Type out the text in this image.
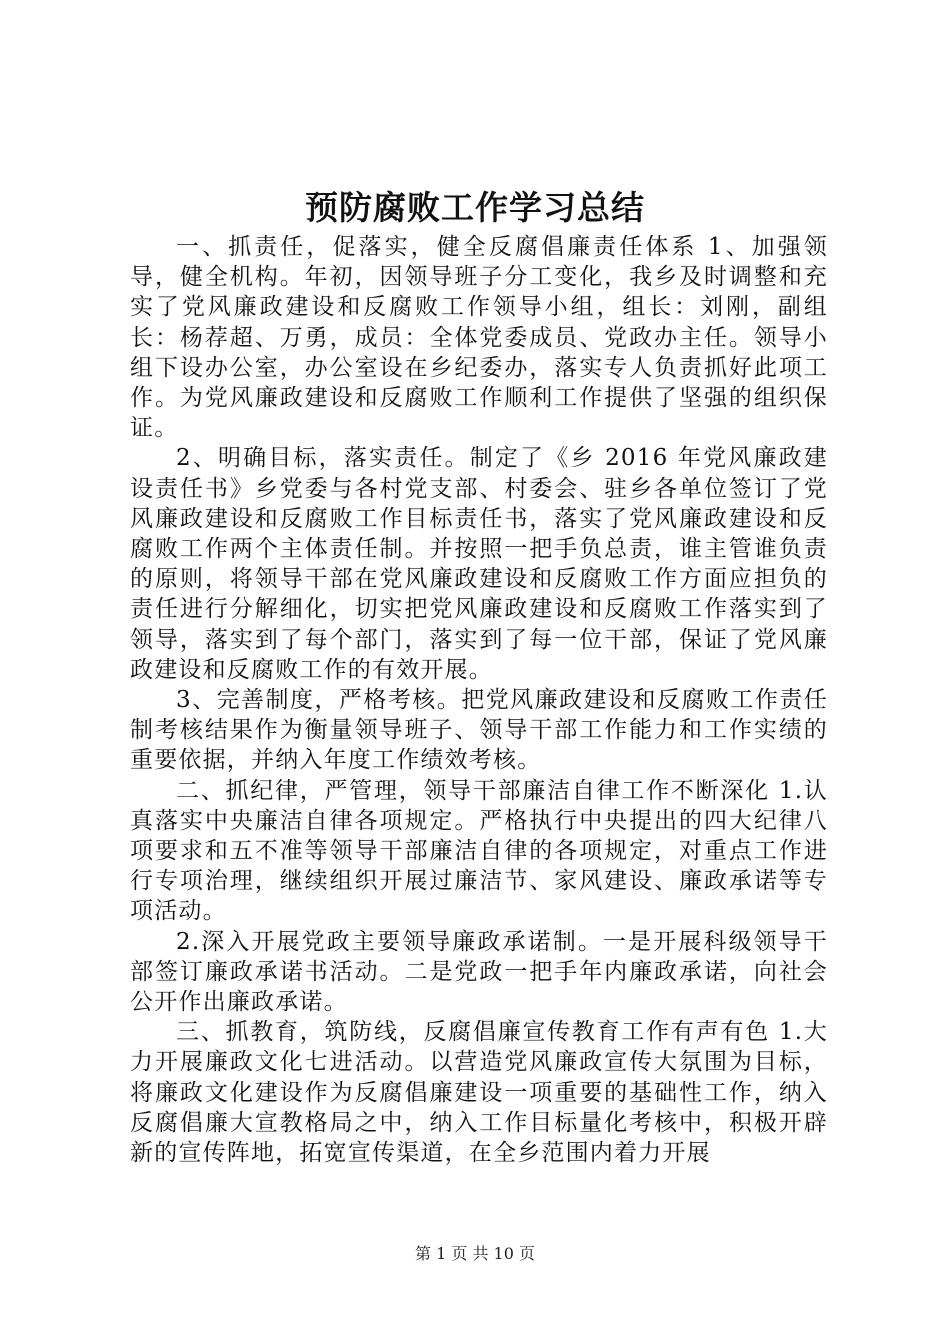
预防腐败工作学习总结

一、抓责任，促落实，健全反腐倡廉责任体系 1、加强领导，健全机构。年初，因领导班子分工变化，我乡及时调整和充实了党风廉政建设和反腐败工作领导小组，组长：刘刚，副组长：杨荐超、万勇，成员：全体党委成员、党政办主任。领导小组下设办公室，办公室设在乡纪委办，落实专人负责抓好此项工作。为党风廉政建设和反腐败工作顺利工作提供了坚强的组织保证。

2、明确目标，落实责任。制定了《乡 2016 年党风廉政建设责任书》乡党委与各村党支部、村委会、驻乡各单位签订了党风廉政建设和反腐败工作目标责任书，落实了党风廉政建设和反腐败工作两个主体责任制。并按照一把手负总责，谁主管谁负责的原则，将领导干部在党风廉政建设和反腐败工作方面应担负的责任进行分解细化，切实把党风廉政建设和反腐败工作落实到了领导，落实到了每个部门，落实到了每一位干部，保证了党风廉政建设和反腐败工作的有效开展。

3、完善制度，严格考核。把党风廉政建设和反腐败工作责任制考核结果作为衡量领导班子、领导干部工作能力和工作实绩的重要依据，并纳入年度工作绩效考核。

二、抓纪律，严管理，领导干部廉洁自律工作不断深化 1.认真落实中央廉洁自律各项规定。严格执行中央提出的四大纪律八项要求和五不准等领导干部廉洁自律的各项规定，对重点工作进行专项治理，继续组织开展过廉洁节、家风建设、廉政承诺等专项活动。

2.深入开展党政主要领导廉政承诺制。一是开展科级领导干部签订廉政承诺书活动。二是党政一把手年内廉政承诺，向社会公开作出廉政承诺。

三、抓教育，筑防线，反腐倡廉宣传教育工作有声有色 1.大力开展廉政文化七进活动。以营造党风廉政宣传大氛围为目标，将廉政文化建设作为反腐倡廉建设一项重要的基础性工作，纳入反腐倡廉大宣教格局之中，纳入工作目标量化考核中，积极开辟新的宣传阵地，拓宽宣传渠道，在全乡范围内着力开展

第 1 页 共 10 页
